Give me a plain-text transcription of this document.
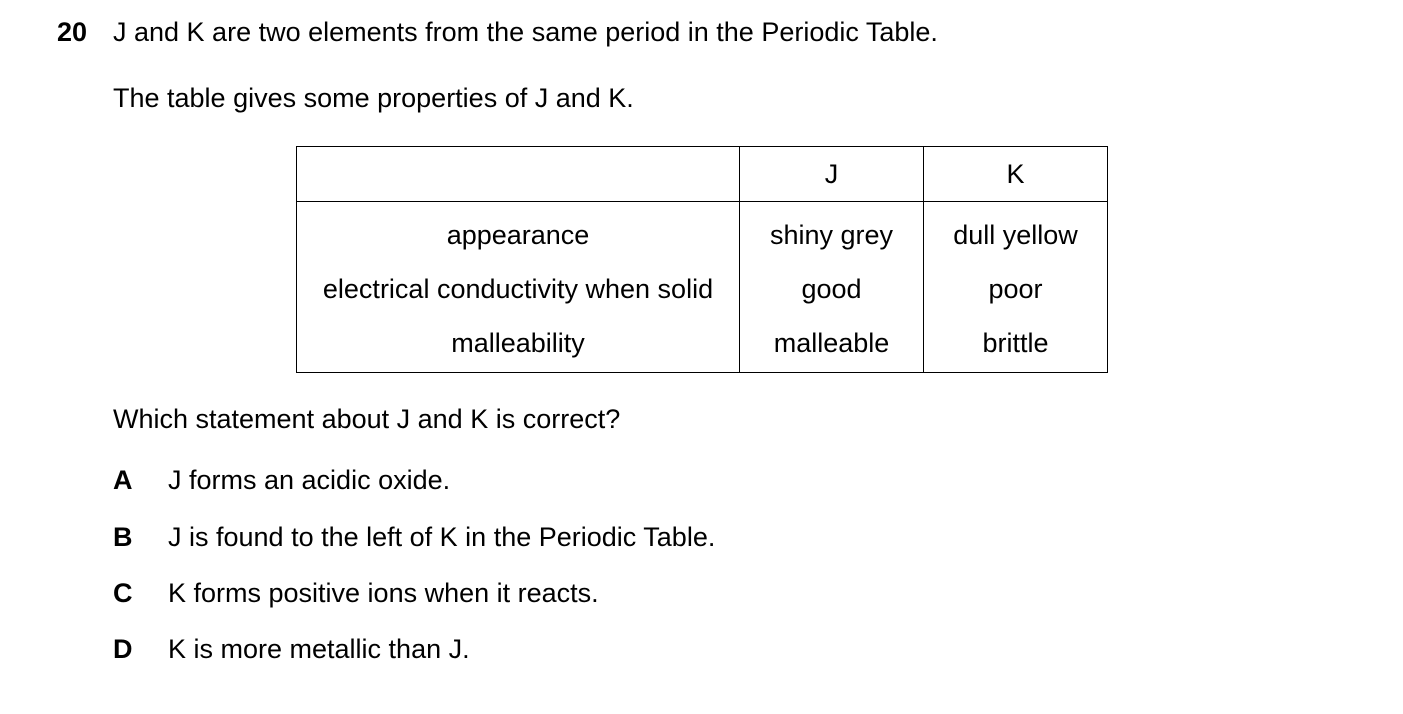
20 J and K are two elements from the same period in the Periodic Table.
The table gives some properties of J and K.
	J	K
appearance	shiny grey	dull yellow
electrical conductivity when solid	good	poor
malleability	malleable	brittle
Which statement about J and K is correct?
A J forms an acidic oxide.
B J is found to the left of K in the Periodic Table.
C K forms positive ions when it reacts.
D K is more metallic than J.
